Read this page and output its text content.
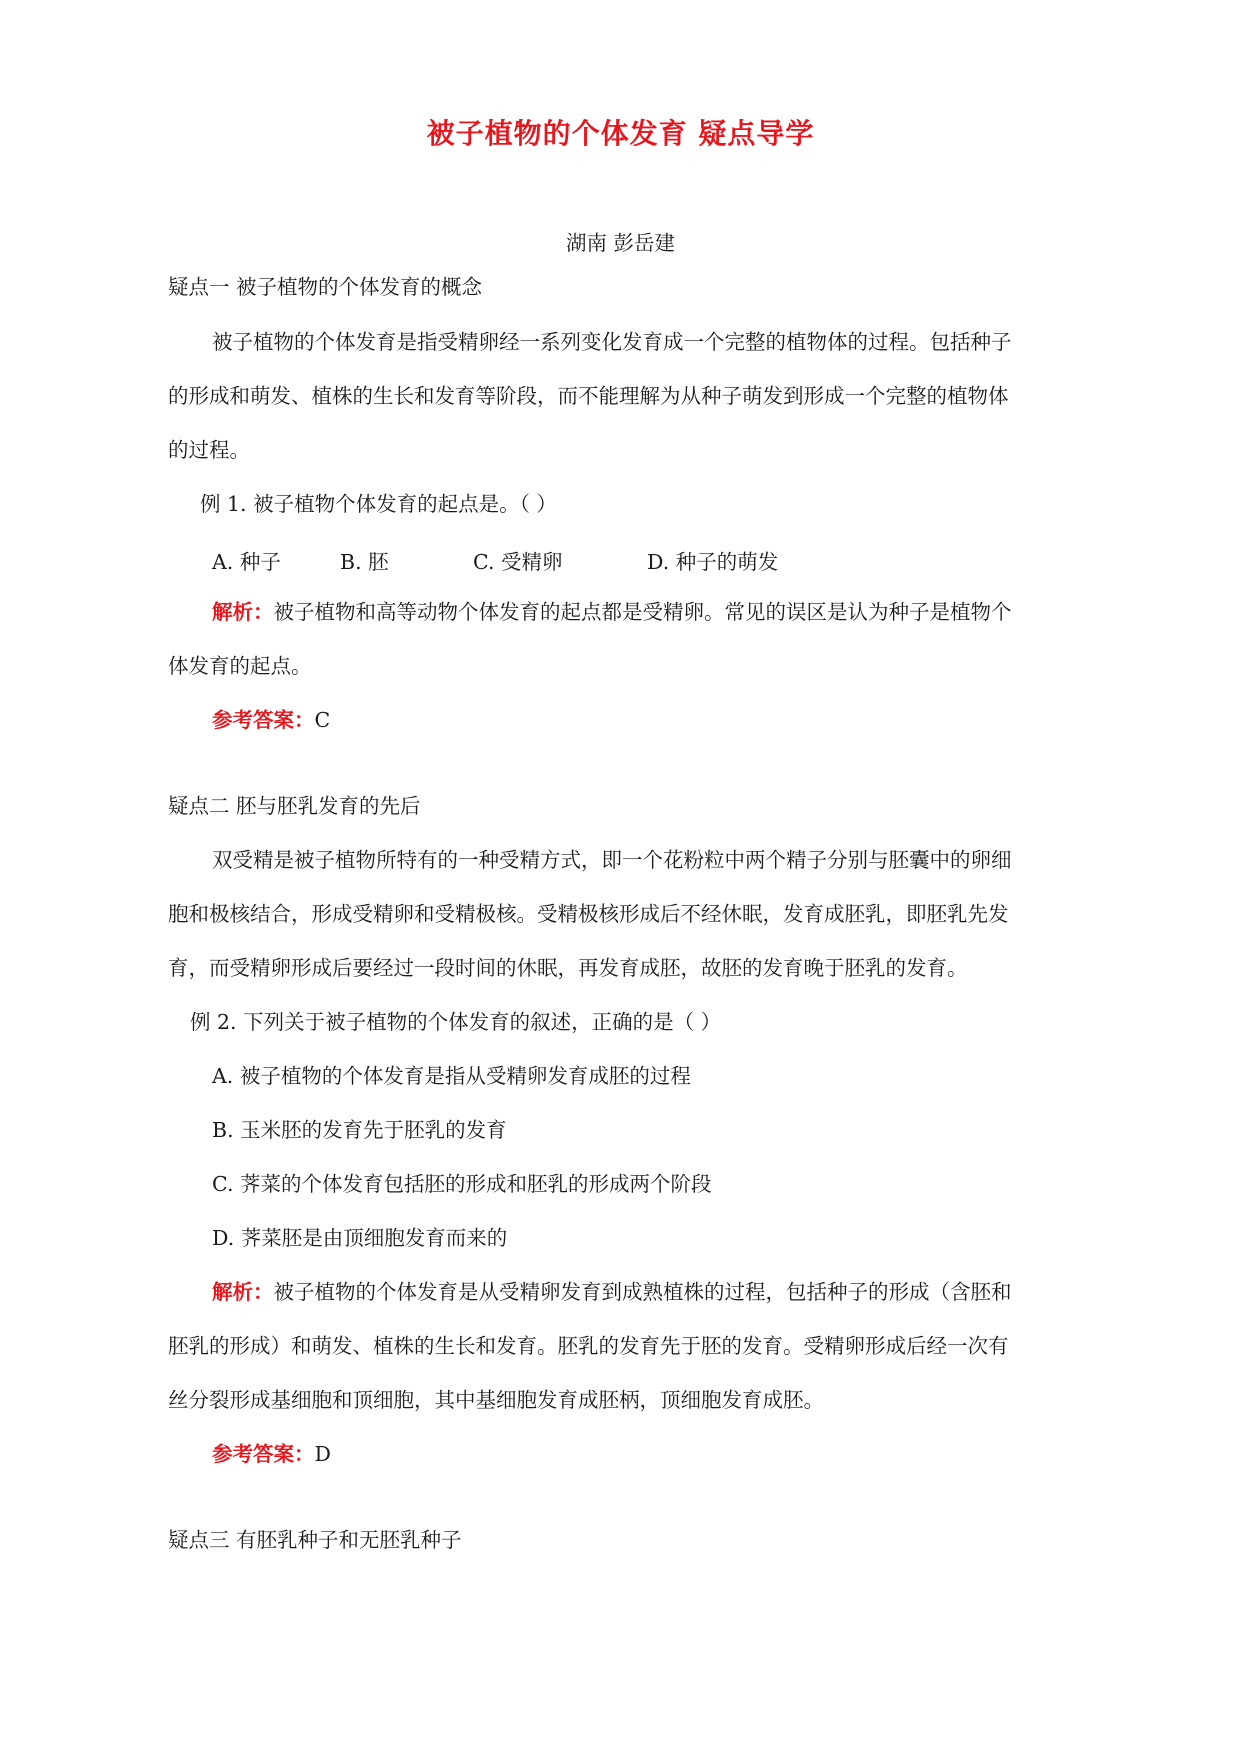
被子植物的个体发育 疑点导学
湖南 彭岳建
疑点一 被子植物的个体发育的概念
被子植物的个体发育是指受精卵经一系列变化发育成一个完整的植物体的过程。包括种子
的形成和萌发、植株的生长和发育等阶段，而不能理解为从种子萌发到形成一个完整的植物体
的过程。
例 1. 被子植物个体发育的起点是。（ ）
A. 种子	B. 胚	C. 受精卵	D. 种子的萌发
解析：被子植物和高等动物个体发育的起点都是受精卵。常见的误区是认为种子是植物个
体发育的起点。
参考答案：C
疑点二 胚与胚乳发育的先后
双受精是被子植物所特有的一种受精方式，即一个花粉粒中两个精子分别与胚囊中的卵细
胞和极核结合，形成受精卵和受精极核。受精极核形成后不经休眠，发育成胚乳，即胚乳先发
育，而受精卵形成后要经过一段时间的休眠，再发育成胚，故胚的发育晚于胚乳的发育。
例 2. 下列关于被子植物的个体发育的叙述，正确的是（ ）
A. 被子植物的个体发育是指从受精卵发育成胚的过程
B. 玉米胚的发育先于胚乳的发育
C. 荠菜的个体发育包括胚的形成和胚乳的形成两个阶段
D. 荠菜胚是由顶细胞发育而来的
解析：被子植物的个体发育是从受精卵发育到成熟植株的过程，包括种子的形成（含胚和
胚乳的形成）和萌发、植株的生长和发育。胚乳的发育先于胚的发育。受精卵形成后经一次有
丝分裂形成基细胞和顶细胞，其中基细胞发育成胚柄，顶细胞发育成胚。
参考答案：D
疑点三 有胚乳种子和无胚乳种子
